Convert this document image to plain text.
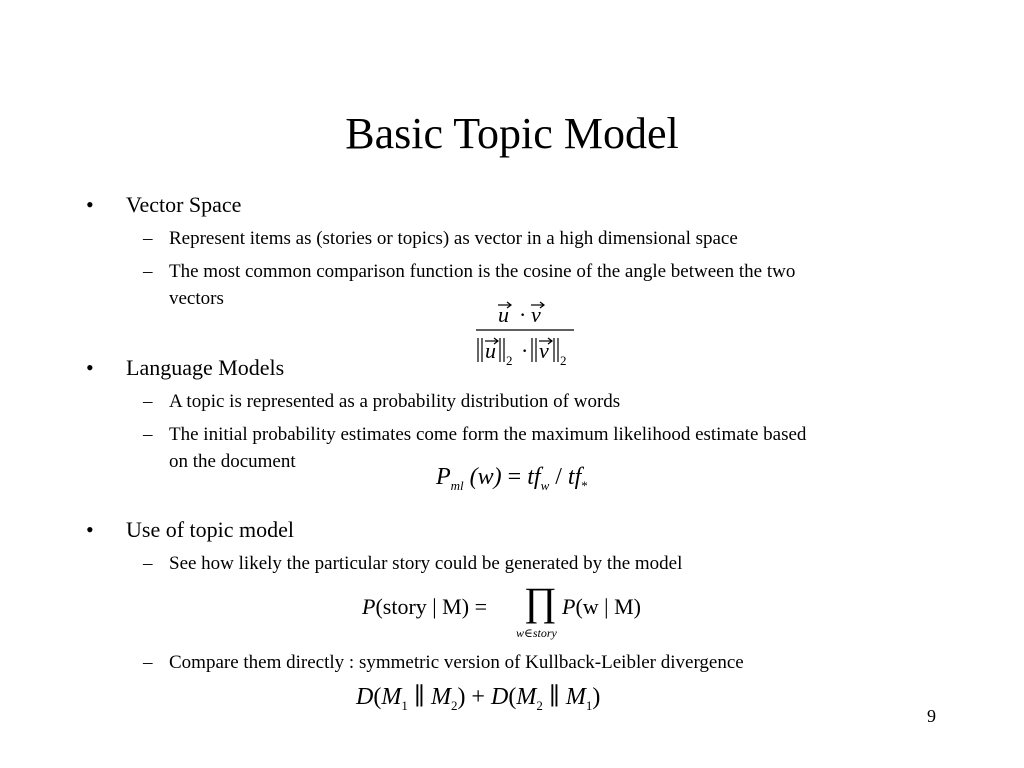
Basic Topic Model
• Vector Space
– Represent items as (stories or topics) as vector in a high dimensional space
– The most common comparison function is the cosine of the angle between the two
vectors
u · v
u 2 · v 2
• Language Models
– A topic is represented as a probability distribution of words
– The initial probability estimates come form the maximum likelihood estimate based
on the document
$P_{ml}$ $(w) = tf_w / tf_*$
• Use of topic model
– See how likely the particular story could be generated by the model
P(story | M) = ∏
w∈story
P(w | M)
– Compare them directly : symmetric version of Kullback-Leibler divergence
$D(M_1$ ∥ $M_2) + D(M_2$ ∥ $M_1$)
9
